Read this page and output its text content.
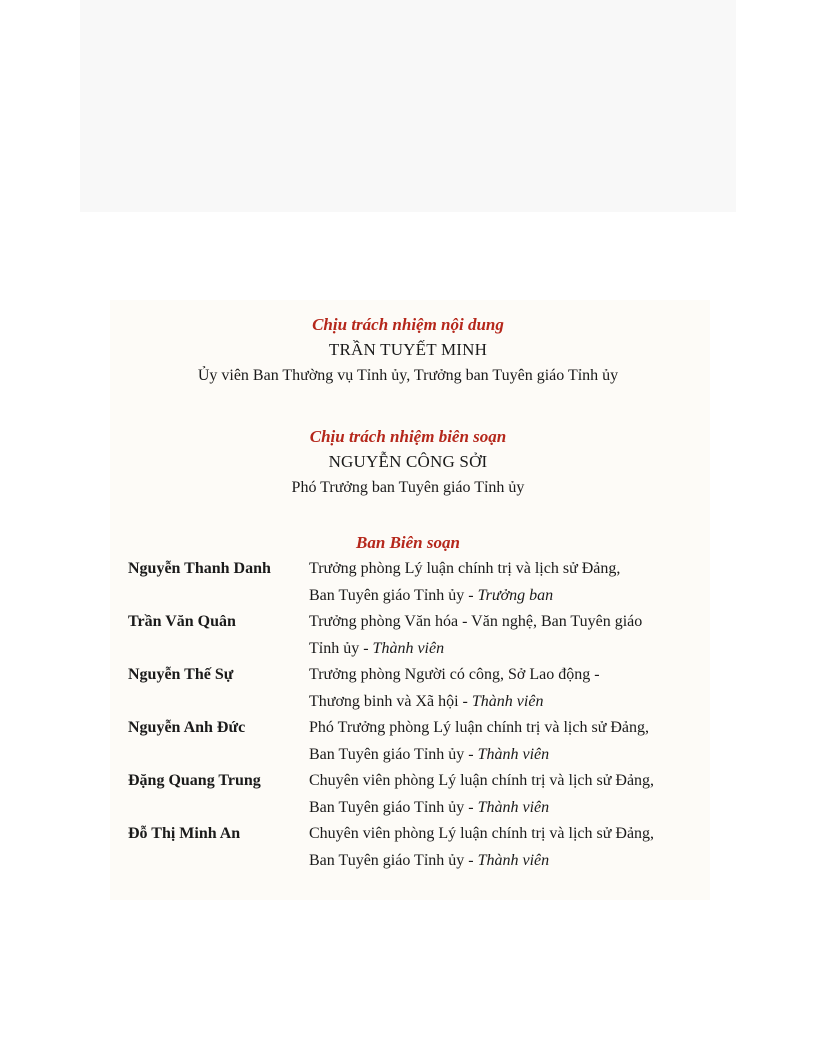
Chịu trách nhiệm nội dung
TRẦN TUYẾT MINH
Ủy viên Ban Thường vụ Tỉnh ủy, Trưởng ban Tuyên giáo Tỉnh ủy
Chịu trách nhiệm biên soạn
NGUYỄN CÔNG SỞI
Phó Trưởng ban Tuyên giáo Tỉnh ủy
Ban Biên soạn
Nguyễn Thanh Danh	Trưởng phòng Lý luận chính trị và lịch sử Đảng,
Ban Tuyên giáo Tỉnh ủy - Trưởng ban
Trần Văn Quân	Trưởng phòng Văn hóa - Văn nghệ, Ban Tuyên giáo
Tỉnh ủy - Thành viên
Nguyễn Thế Sự	Trưởng phòng Người có công, Sở Lao động -
Thương binh và Xã hội - Thành viên
Nguyễn Anh Đức	Phó Trưởng phòng Lý luận chính trị và lịch sử Đảng,
Ban Tuyên giáo Tỉnh ủy - Thành viên
Đặng Quang Trung	Chuyên viên phòng Lý luận chính trị và lịch sử Đảng,
Ban Tuyên giáo Tỉnh ủy - Thành viên
Đỗ Thị Minh An	Chuyên viên phòng Lý luận chính trị và lịch sử Đảng,
Ban Tuyên giáo Tỉnh ủy - Thành viên
